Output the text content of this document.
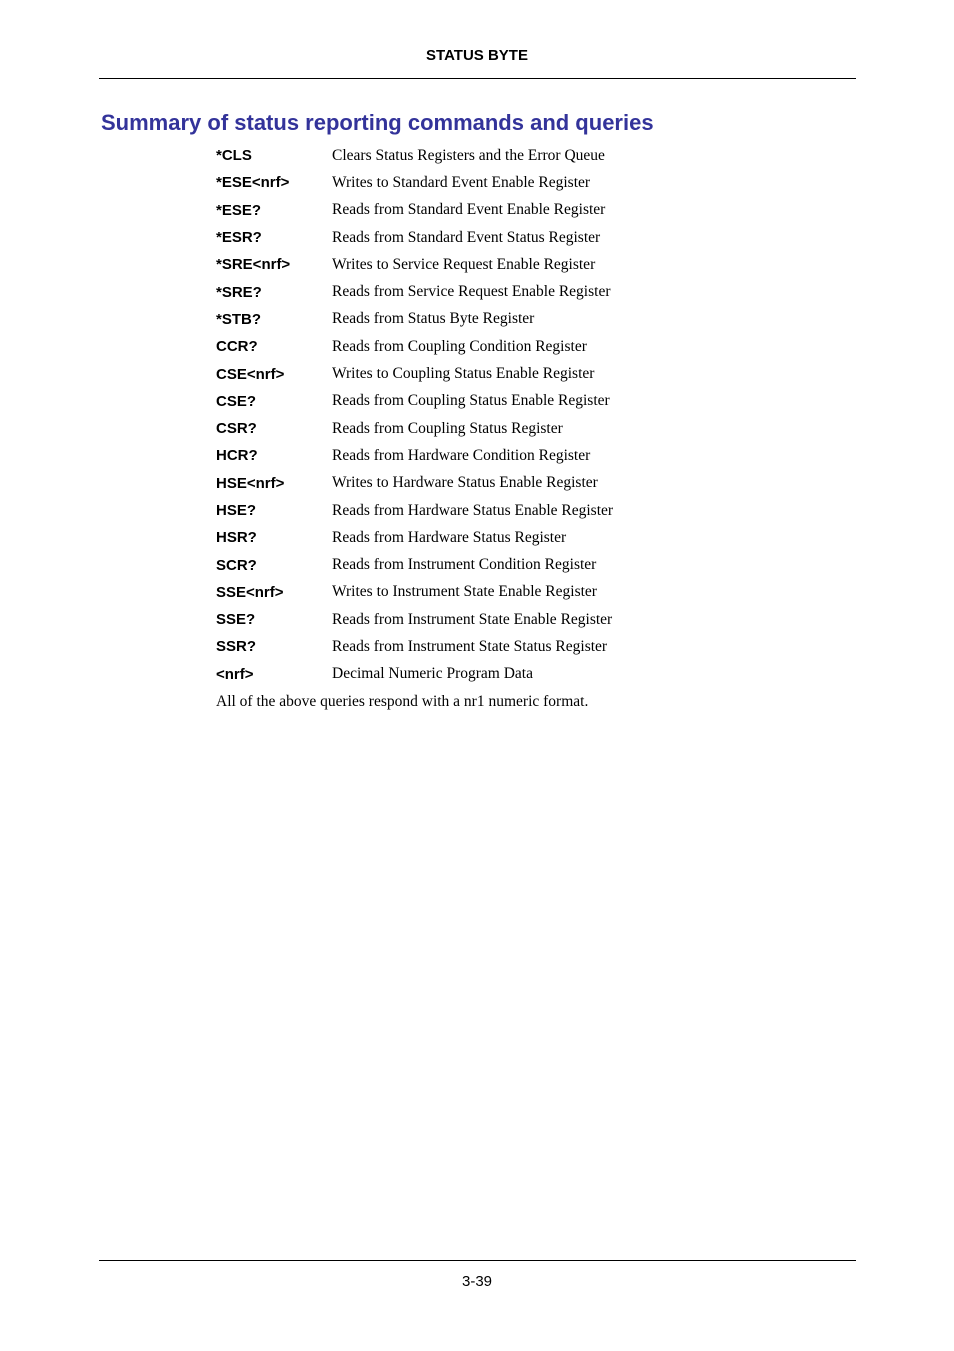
STATUS BYTE
Summary of status reporting commands and queries
*CLS	Clears Status Registers and the Error Queue
*ESE<nrf>	Writes to Standard Event Enable Register
*ESE?	Reads from Standard Event Enable Register
*ESR?	Reads from Standard Event Status Register
*SRE<nrf>	Writes to Service Request Enable Register
*SRE?	Reads from Service Request Enable Register
*STB?	Reads from Status Byte Register
CCR?	Reads from Coupling Condition Register
CSE<nrf>	Writes to Coupling Status Enable Register
CSE?	Reads from Coupling Status Enable Register
CSR?	Reads from Coupling Status Register
HCR?	Reads from Hardware Condition Register
HSE<nrf>	Writes to Hardware Status Enable Register
HSE?	Reads from Hardware Status Enable Register
HSR?	Reads from Hardware Status Register
SCR?	Reads from Instrument Condition Register
SSE<nrf>	Writes to Instrument State Enable Register
SSE?	Reads from Instrument State Enable Register
SSR?	Reads from Instrument State Status Register
<nrf>	Decimal Numeric Program Data

All of the above queries respond with a nr1 numeric format.

3-39
